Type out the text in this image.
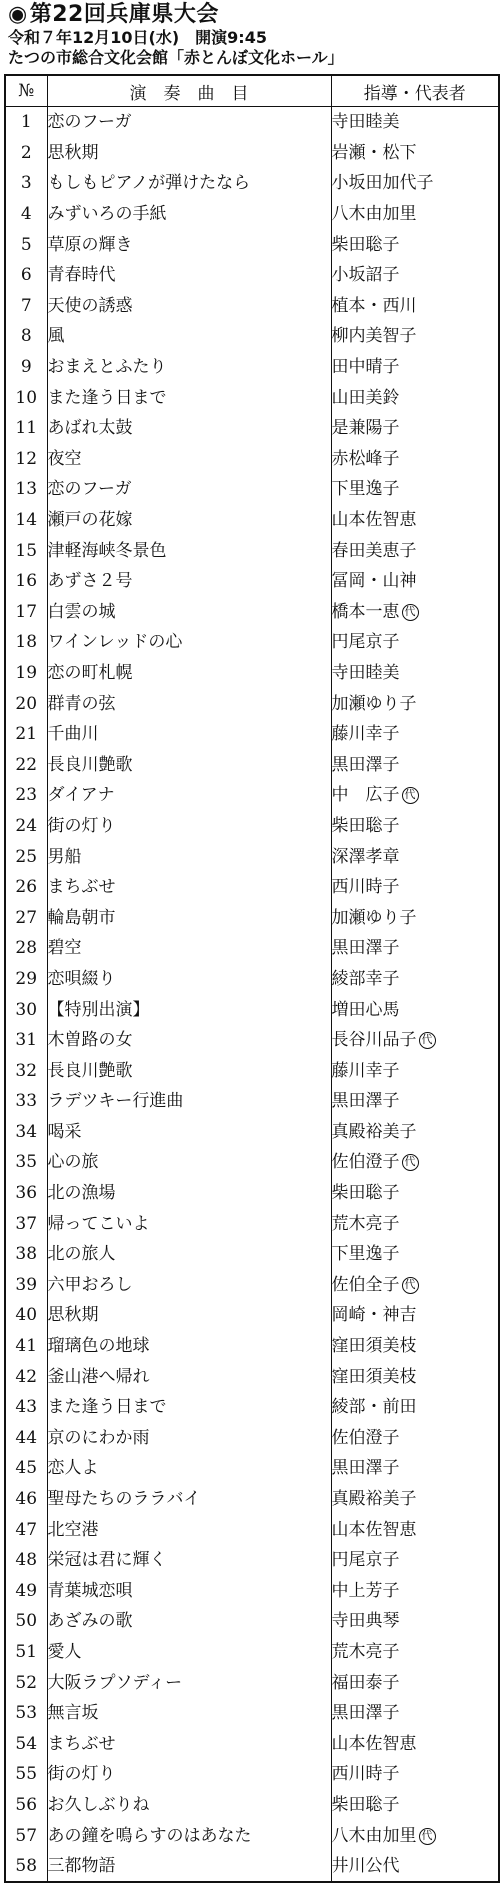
◉第22回兵庫県大会
令和７年12月10日(水)　開演9:45
たつの市総合文化会館「赤とんぼ文化ホール」
№	演　奏　曲　目	指導・代表者
1	恋のフーガ	寺田睦美
2	思秋期	岩瀬・松下
3	もしもピアノが弾けたなら	小坂田加代子
4	みずいろの手紙	八木由加里
5	草原の輝き	柴田聡子
6	青春時代	小坂詔子
7	天使の誘惑	植本・西川
8	風	柳内美智子
9	おまえとふたり	田中晴子
10	また逢う日まで	山田美鈴
11	あばれ太鼓	是兼陽子
12	夜空	赤松峰子
13	恋のフーガ	下里逸子
14	瀬戸の花嫁	山本佐智恵
15	津軽海峡冬景色	春田美恵子
16	あずさ２号	冨岡・山神
17	白雲の城	橋本一恵 代
18	ワインレッドの心	円尾京子
19	恋の町札幌	寺田睦美
20	群青の弦	加瀬ゆり子
21	千曲川	藤川幸子
22	長良川艶歌	黒田澤子
23	ダイアナ	中　広子 代
24	街の灯り	柴田聡子
25	男船	深澤孝章
26	まちぶせ	西川時子
27	輪島朝市	加瀬ゆり子
28	碧空	黒田澤子
29	恋唄綴り	綾部幸子
30	【特別出演】	増田心馬
31	木曽路の女	長谷川品子 代
32	長良川艶歌	藤川幸子
33	ラデツキー行進曲	黒田澤子
34	喝采	真殿裕美子
35	心の旅	佐伯澄子 代
36	北の漁場	柴田聡子
37	帰ってこいよ	荒木亮子
38	北の旅人	下里逸子
39	六甲おろし	佐伯全子 代
40	思秋期	岡崎・神吉
41	瑠璃色の地球	窪田須美枝
42	釜山港へ帰れ	窪田須美枝
43	また逢う日まで	綾部・前田
44	京のにわか雨	佐伯澄子
45	恋人よ	黒田澤子
46	聖母たちのララバイ	真殿裕美子
47	北空港	山本佐智恵
48	栄冠は君に輝く	円尾京子
49	青葉城恋唄	中上芳子
50	あざみの歌	寺田典琴
51	愛人	荒木亮子
52	大阪ラプソディー	福田泰子
53	無言坂	黒田澤子
54	まちぶせ	山本佐智恵
55	街の灯り	西川時子
56	お久しぶりね	柴田聡子
57	あの鐘を鳴らすのはあなた	八木由加里 代
58	三都物語	井川公代
